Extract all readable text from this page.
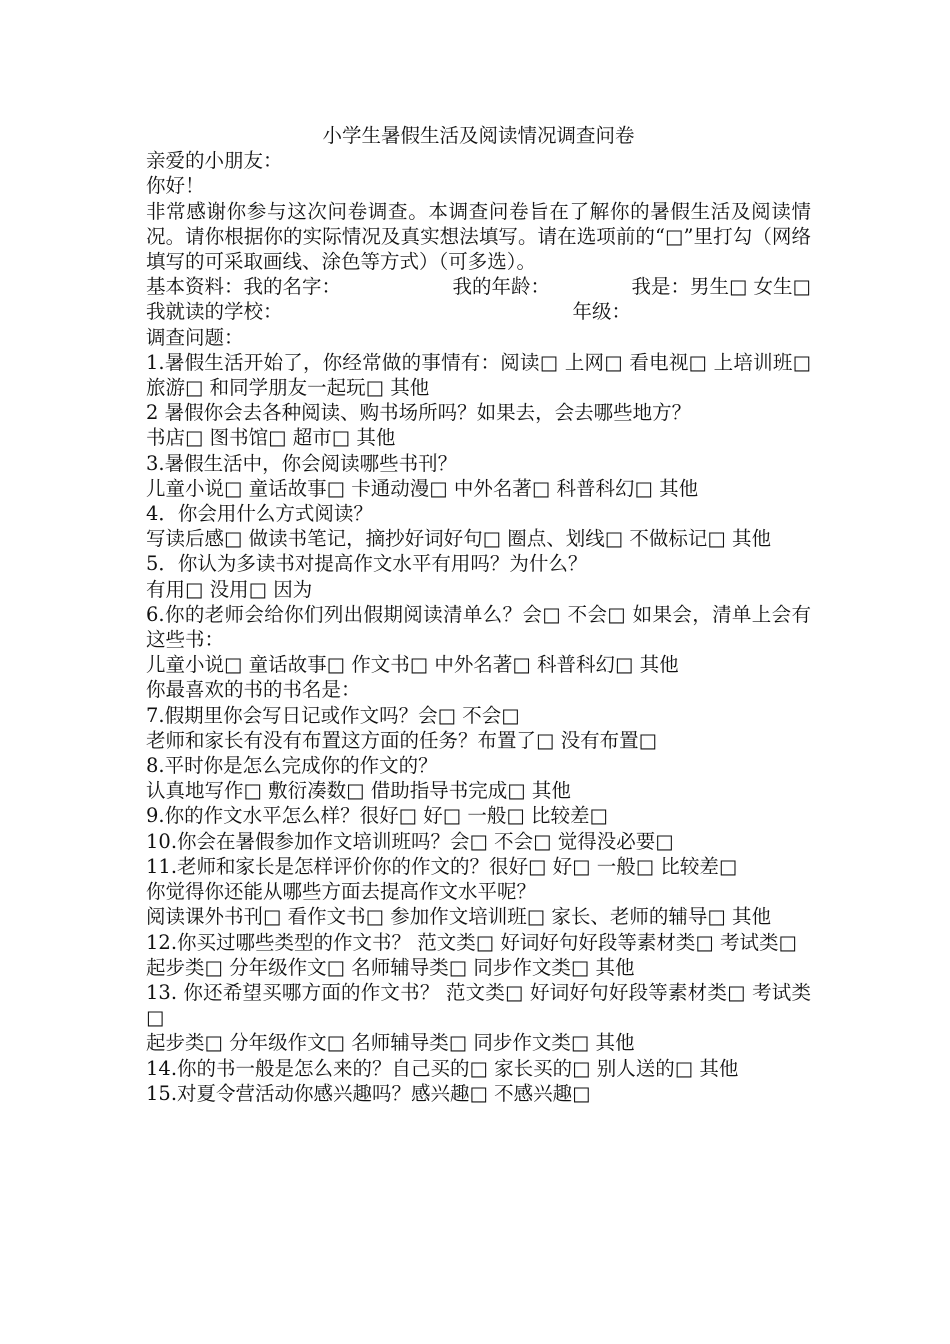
小学生暑假生活及阅读情况调查问卷
亲爱的小朋友：
你好！
非常感谢你参与这次问卷调查。本调查问卷旨在了解你的暑假生活及阅读情况。请你根据你的实际情况及真实想法填写。请在选项前的“□”里打勾（网络填写的可采取画线、涂色等方式）（可多选）。
基本资料：我的名字：	我的年龄：	我是：男生□ 女生□
我就读的学校：	年级：
调查问题：
1.暑假生活开始了，你经常做的事情有：阅读□ 上网□ 看电视□ 上培训班□ 旅游□ 和同学朋友一起玩□ 其他
2 暑假你会去各种阅读、购书场所吗？如果去，会去哪些地方？
书店□ 图书馆□ 超市□ 其他
3.暑假生活中，你会阅读哪些书刊？
儿童小说□ 童话故事□ 卡通动漫□ 中外名著□ 科普科幻□ 其他
4．你会用什么方式阅读？
写读后感□ 做读书笔记，摘抄好词好句□ 圈点、划线□ 不做标记□ 其他
5．你认为多读书对提高作文水平有用吗？为什么？
有用□ 没用□ 因为
6.你的老师会给你们列出假期阅读清单么？会□ 不会□ 如果会，清单上会有这些书：
儿童小说□ 童话故事□ 作文书□ 中外名著□ 科普科幻□ 其他
你最喜欢的书的书名是：
7.假期里你会写日记或作文吗？会□ 不会□
老师和家长有没有布置这方面的任务？布置了□ 没有布置□
8.平时你是怎么完成你的作文的？
认真地写作□ 敷衍凑数□ 借助指导书完成□ 其他
9.你的作文水平怎么样？很好□ 好□ 一般□ 比较差□
10.你会在暑假参加作文培训班吗？会□ 不会□ 觉得没必要□
11.老师和家长是怎样评价你的作文的？很好□ 好□ 一般□ 比较差□
你觉得你还能从哪些方面去提高作文水平呢？
阅读课外书刊□ 看作文书□ 参加作文培训班□ 家长、老师的辅导□ 其他
12.你买过哪些类型的作文书？ 范文类□ 好词好句好段等素材类□ 考试类□
起步类□ 分年级作文□ 名师辅导类□ 同步作文类□ 其他
13. 你还希望买哪方面的作文书？ 范文类□ 好词好句好段等素材类□ 考试类□
起步类□ 分年级作文□ 名师辅导类□ 同步作文类□ 其他
14.你的书一般是怎么来的？自己买的□ 家长买的□ 别人送的□ 其他
15.对夏令营活动你感兴趣吗？感兴趣□ 不感兴趣□
